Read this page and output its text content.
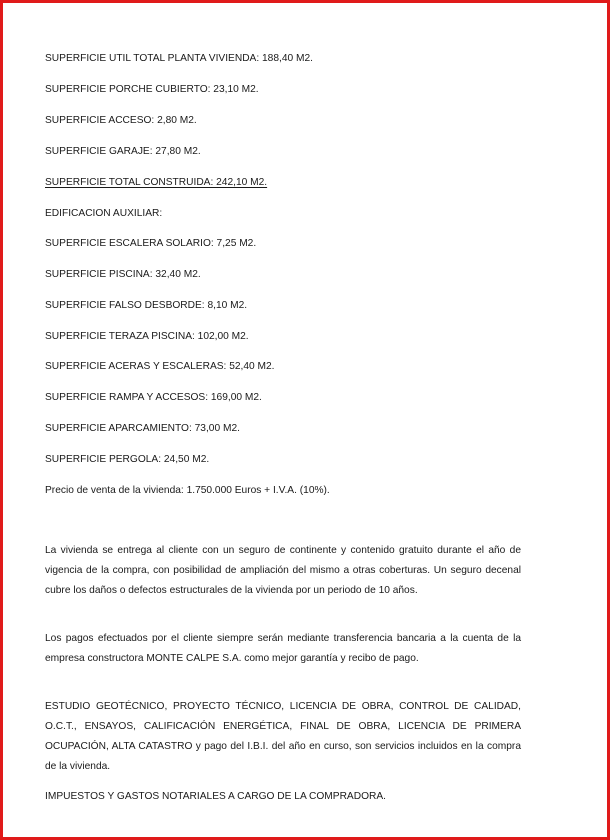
SUPERFICIE UTIL TOTAL PLANTA VIVIENDA: 188,40 M2.
SUPERFICIE PORCHE CUBIERTO: 23,10 M2.
SUPERFICIE ACCESO: 2,80 M2.
SUPERFICIE GARAJE: 27,80 M2.
SUPERFICIE TOTAL CONSTRUIDA: 242,10 M2.
EDIFICACION AUXILIAR:
SUPERFICIE ESCALERA SOLARIO: 7,25 M2.
SUPERFICIE PISCINA: 32,40 M2.
SUPERFICIE FALSO DESBORDE: 8,10 M2.
SUPERFICIE TERAZA PISCINA: 102,00 M2.
SUPERFICIE ACERAS Y ESCALERAS: 52,40 M2.
SUPERFICIE RAMPA Y ACCESOS: 169,00 M2.
SUPERFICIE APARCAMIENTO: 73,00 M2.
SUPERFICIE PERGOLA: 24,50 M2.
Precio de venta de la vivienda: 1.750.000 Euros + I.V.A. (10%).
La vivienda se entrega al cliente con un seguro de continente y contenido gratuito durante el año de vigencia de la compra, con posibilidad de ampliación del mismo a otras coberturas. Un seguro decenal cubre los daños o defectos estructurales de la vivienda por un periodo de 10 años.
Los pagos efectuados por el cliente siempre serán mediante transferencia bancaria a la cuenta de la empresa constructora MONTE CALPE S.A. como mejor garantía y recibo de pago.
ESTUDIO GEOTÉCNICO, PROYECTO TÉCNICO, LICENCIA DE OBRA, CONTROL DE CALIDAD, O.C.T., ENSAYOS, CALIFICACIÓN ENERGÉTICA, FINAL DE OBRA, LICENCIA DE PRIMERA OCUPACIÓN, ALTA CATASTRO y pago del I.B.I. del año en curso, son servicios incluidos en la compra de la vivienda.
IMPUESTOS Y GASTOS NOTARIALES A CARGO DE LA COMPRADORA.
